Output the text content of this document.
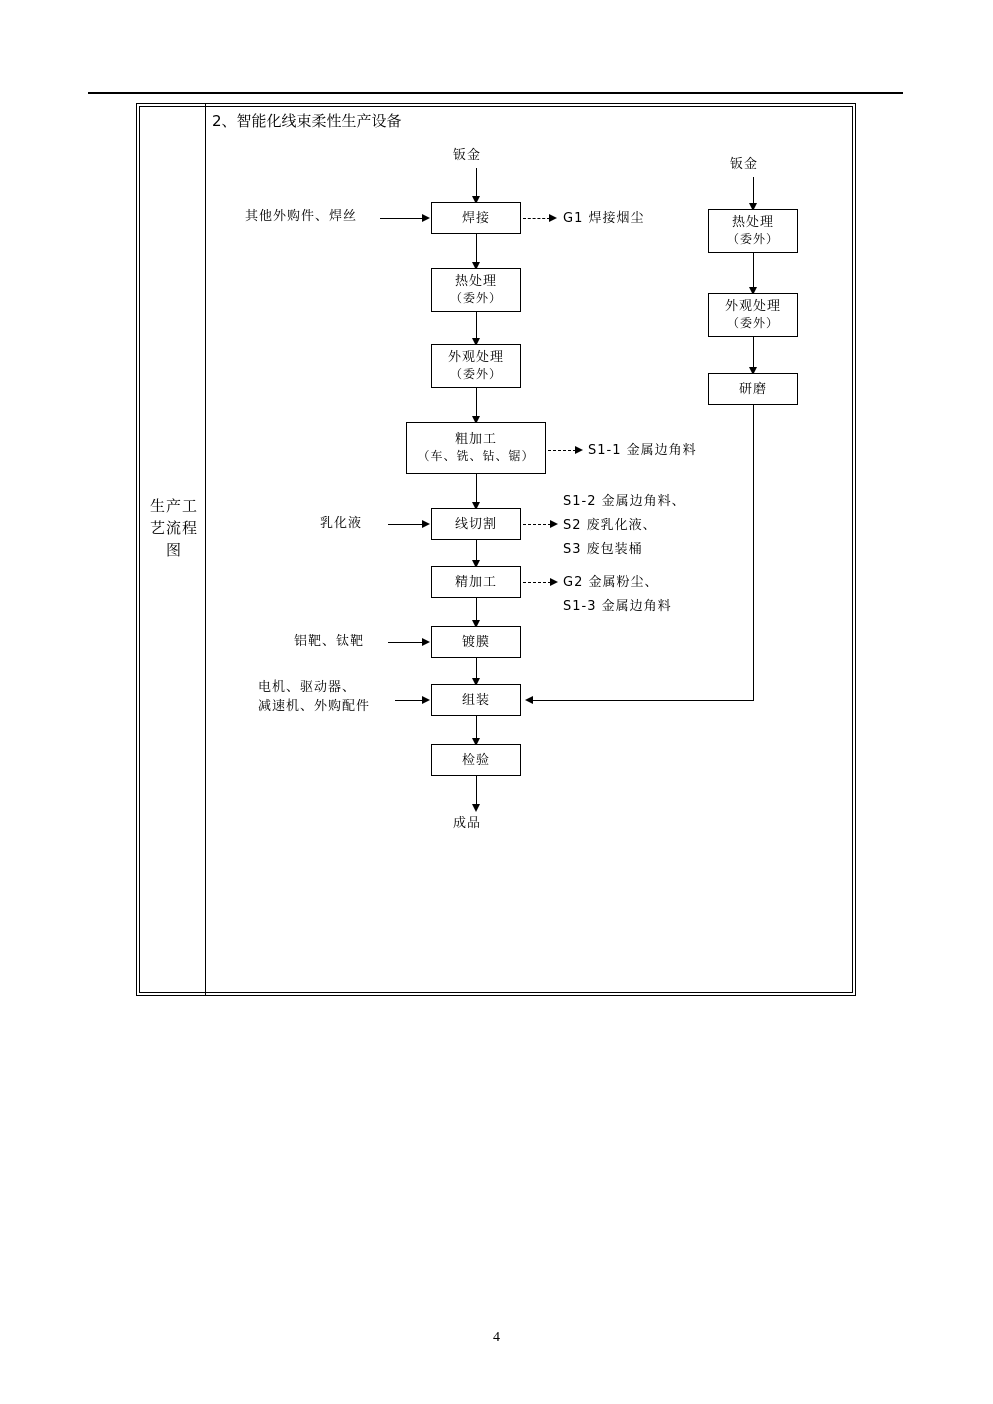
生产工艺流程图
2、智能化线束柔性生产设备
钣金
焊接
其他外购件、焊丝	G1 焊接烟尘
热处理
（委外）
外观处理
（委外）
粗加工
（车、铣、钻、锯）	S1-1 金属边角料
线切割
乳化液
S1-2 金属边角料、
S2 废乳化液、
S3 废包装桶
精加工	G2 金属粉尘、
S1-3 金属边角料
镀膜
铝靶、钛靶
组装
电机、驱动器、
减速机、外购配件
检验
成品
钣金
热处理
（委外）
外观处理
（委外）
研磨
4
